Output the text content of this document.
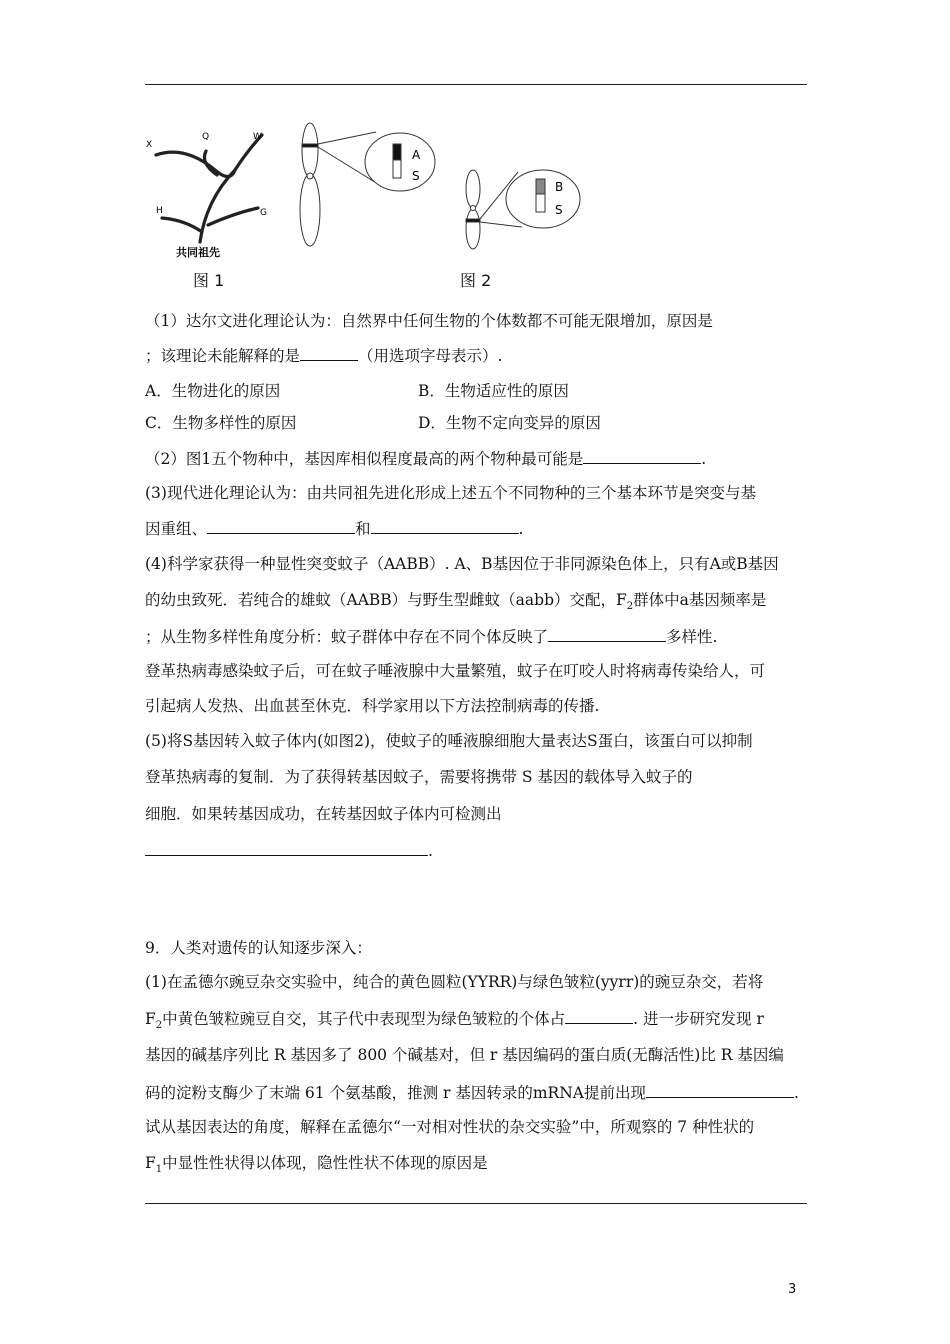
X
Q	W
H	G
共同祖先
图 1
A
S
B
S
图 2
（1）达尔文进化理论认为：自然界中任何生物的个体数都不可能无限增加，原因是
；该理论未能解释的是	（用选项字母表示）.
A．生物进化的原因	B．生物适应性的原因
C．生物多样性的原因	D．生物不定向变异的原因
（2）图1五个物种中，基因库相似程度最高的两个物种最可能是	.
(3)现代进化理论认为：由共同祖先进化形成上述五个不同物种的三个基本环节是突变与基
因重组、	和	.
(4)科学家获得一种显性突变蚊子（AABB）. A、B基因位于非同源染色体上，只有A或B基因
的幼虫致死．若纯合的雄蚊（AABB）与野生型雌蚊（aabb）交配，$F_2$群体中a基因频率是
；从生物多样性角度分析：蚊子群体中存在不同个体反映了	多样性.
登革热病毒感染蚊子后，可在蚊子唾液腺中大量繁殖，蚊子在叮咬人时将病毒传染给人，可
引起病人发热、出血甚至休克．科学家用以下方法控制病毒的传播.
(5)将S基因转入蚊子体内(如图2)，使蚊子的唾液腺细胞大量表达S蛋白，该蛋白可以抑制
登革热病毒的复制．为了获得转基因蚊子，需要将携带 S 基因的载体导入蚊子的
细胞．如果转基因成功，在转基因蚊子体内可检测出
.
9．人类对遗传的认知逐步深入：
(1)在孟德尔豌豆杂交实验中，纯合的黄色圆粒(YYRR)与绿色皱粒(yyrr)的豌豆杂交，若将
$F_2$中黄色皱粒豌豆自交，其子代中表现型为绿色皱粒的个体占	. 进一步研究发现 r
基因的碱基序列比 R 基因多了 800 个碱基对，但 r 基因编码的蛋白质(无酶活性)比 R 基因编
码的淀粉支酶少了末端 61 个氨基酸，推测 r 基因转录的mRNA提前出现	.
试从基因表达的角度，解释在孟德尔“一对相对性状的杂交实验”中，所观察的 7 种性状的
$F_1$中显性性状得以体现，隐性性状不体现的原因是
3
